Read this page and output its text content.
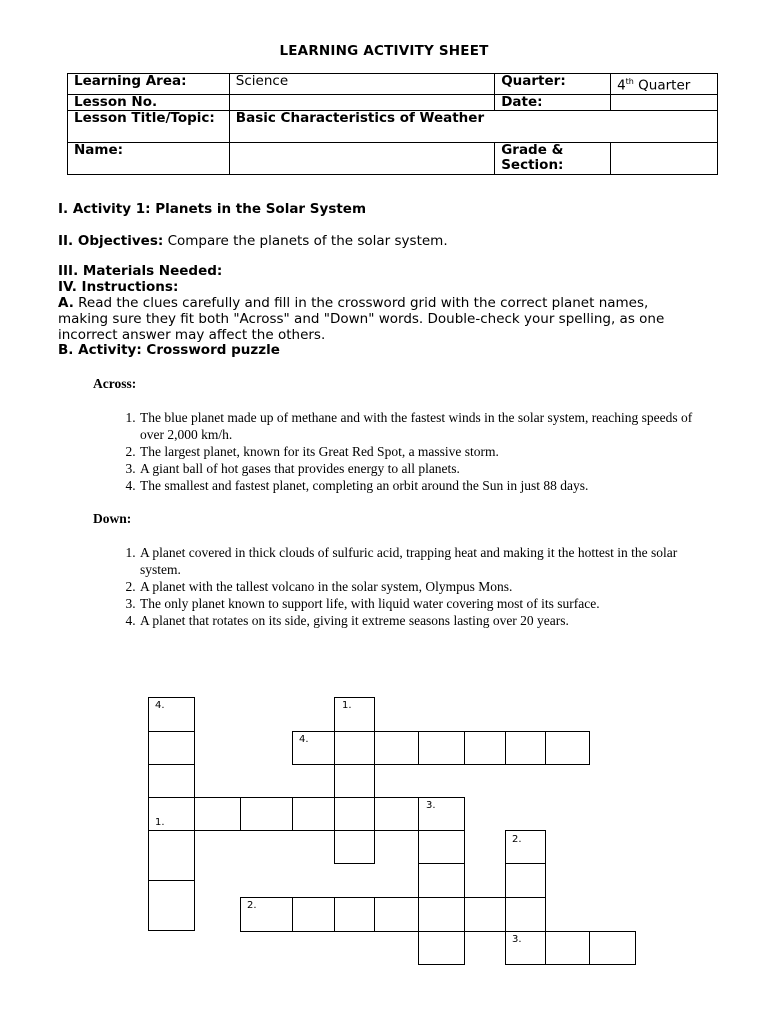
LEARNING ACTIVITY SHEET
Learning Area:	Science	Quarter:	4th Quarter
Lesson No.		Date:	
Lesson Title/Topic:	Basic Characteristics of Weather		
Name:		Grade & Section:	
I. Activity 1: Planets in the Solar System
II. Objectives: Compare the planets of the solar system.
III. Materials Needed:
IV. Instructions:
A. Read the clues carefully and fill in the crossword grid with the correct planet names, making sure they fit both "Across" and "Down" words. Double-check your spelling, as one incorrect answer may affect the others.
B. Activity: Crossword puzzle
Across:
1. The blue planet made up of methane and with the fastest winds in the solar system, reaching speeds of over 2,000 km/h.
2. The largest planet, known for its Great Red Spot, a massive storm.
3. A giant ball of hot gases that provides energy to all planets.
4. The smallest and fastest planet, completing an orbit around the Sun in just 88 days.
Down:
1. A planet covered in thick clouds of sulfuric acid, trapping heat and making it the hottest in the solar system.
2. A planet with the tallest volcano in the solar system, Olympus Mons.
3. The only planet known to support life, with liquid water covering most of its surface.
4. A planet that rotates on its side, giving it extreme seasons lasting over 20 years.
4.	1.
4.
1.
3.
2.
2.
3.
